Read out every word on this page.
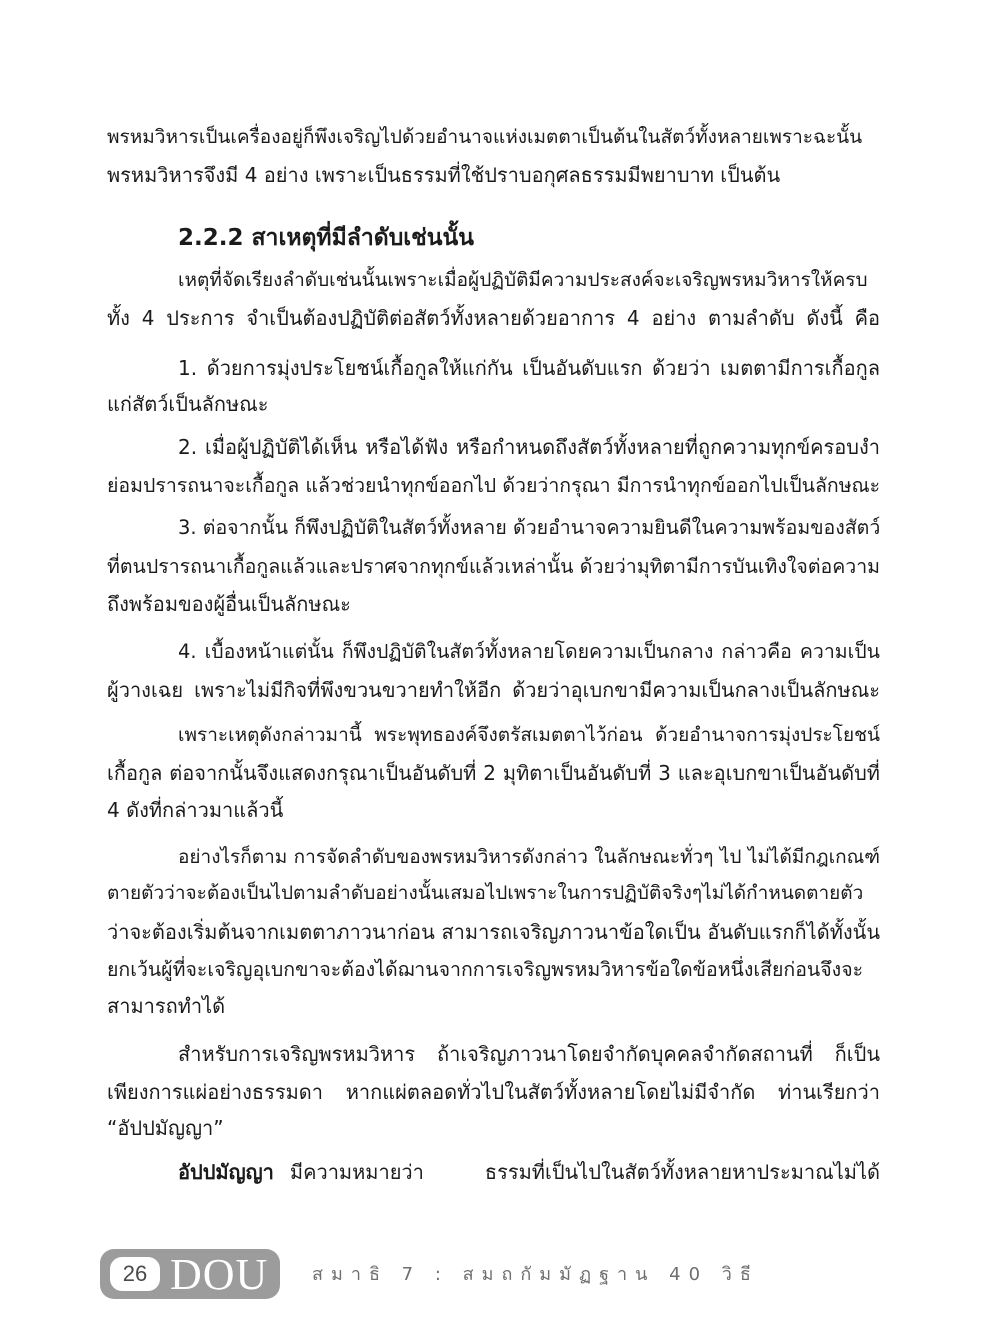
พรหมวิหารเป็นเครื่องอยู่ก็พึงเจริญไปด้วยอำนาจแห่งเมตตาเป็นต้นในสัตว์ทั้งหลายเพราะฉะนั้น
พรหมวิหารจึงมี 4 อย่าง เพราะเป็นธรรมที่ใช้ปราบอกุศลธรรมมีพยาบาท เป็นต้น
2.2.2 สาเหตุที่มีลำดับเช่นนั้น
เหตุที่จัดเรียงลำดับเช่นนั้นเพราะเมื่อผู้ปฏิบัติมีความประสงค์จะเจริญพรหมวิหารให้ครบ
ทั้ง 4 ประการ จำเป็นต้องปฏิบัติต่อสัตว์ทั้งหลายด้วยอาการ 4 อย่าง ตามลำดับ ดังนี้ คือ
1. ด้วยการมุ่งประโยชน์เกื้อกูลให้แก่กัน เป็นอันดับแรก ด้วยว่า เมตตามีการเกื้อกูล
แก่สัตว์เป็นลักษณะ
2. เมื่อผู้ปฏิบัติได้เห็น หรือได้ฟัง หรือกำหนดถึงสัตว์ทั้งหลายที่ถูกความทุกข์ครอบงำ
ย่อมปรารถนาจะเกื้อกูล แล้วช่วยนำทุกข์ออกไป ด้วยว่ากรุณา มีการนำทุกข์ออกไปเป็นลักษณะ
3. ต่อจากนั้น ก็พึงปฏิบัติในสัตว์ทั้งหลาย ด้วยอำนาจความยินดีในความพร้อมของสัตว์
ที่ตนปรารถนาเกื้อกูลแล้วและปราศจากทุกข์แล้วเหล่านั้น ด้วยว่ามุทิตามีการบันเทิงใจต่อความ
ถึงพร้อมของผู้อื่นเป็นลักษณะ
4. เบื้องหน้าแต่นั้น ก็พึงปฏิบัติในสัตว์ทั้งหลายโดยความเป็นกลาง กล่าวคือ ความเป็น
ผู้วางเฉย เพราะไม่มีกิจที่พึงขวนขวายทำให้อีก ด้วยว่าอุเบกขามีความเป็นกลางเป็นลักษณะ
เพราะเหตุดังกล่าวมานี้ พระพุทธองค์จึงตรัสเมตตาไว้ก่อน ด้วยอำนาจการมุ่งประโยชน์
เกื้อกูล ต่อจากนั้นจึงแสดงกรุณาเป็นอันดับที่ 2 มุทิตาเป็นอันดับที่ 3 และอุเบกขาเป็นอันดับที่
4 ดังที่กล่าวมาแล้วนี้
อย่างไรก็ตาม การจัดลำดับของพรหมวิหารดังกล่าว ในลักษณะทั่วๆ ไป ไม่ได้มีกฎเกณฑ์
ตายตัวว่าจะต้องเป็นไปตามลำดับอย่างนั้นเสมอไปเพราะในการปฏิบัติจริงๆไม่ได้กำหนดตายตัว
ว่าจะต้องเริ่มต้นจากเมตตาภาวนาก่อน สามารถเจริญภาวนาข้อใดเป็น อันดับแรกก็ได้ทั้งนั้น
ยกเว้นผู้ที่จะเจริญอุเบกขาจะต้องได้ฌานจากการเจริญพรหมวิหารข้อใดข้อหนึ่งเสียก่อนจึงจะ
สามารถทำได้
สำหรับการเจริญพรหมวิหาร ถ้าเจริญภาวนาโดยจำกัดบุคคลจำกัดสถานที่ ก็เป็น
เพียงการแผ่อย่างธรรมดา หากแผ่ตลอดทั่วไปในสัตว์ทั้งหลายโดยไม่มีจำกัด ท่านเรียกว่า
“อัปปมัญญา”
อัปปมัญญา มีความหมายว่า	ธรรมที่เป็นไปในสัตว์ทั้งหลายหาประมาณไม่ได้
26 DOU สมาธิ 7 : สมถกัมมัฏฐาน 40 วิธี
